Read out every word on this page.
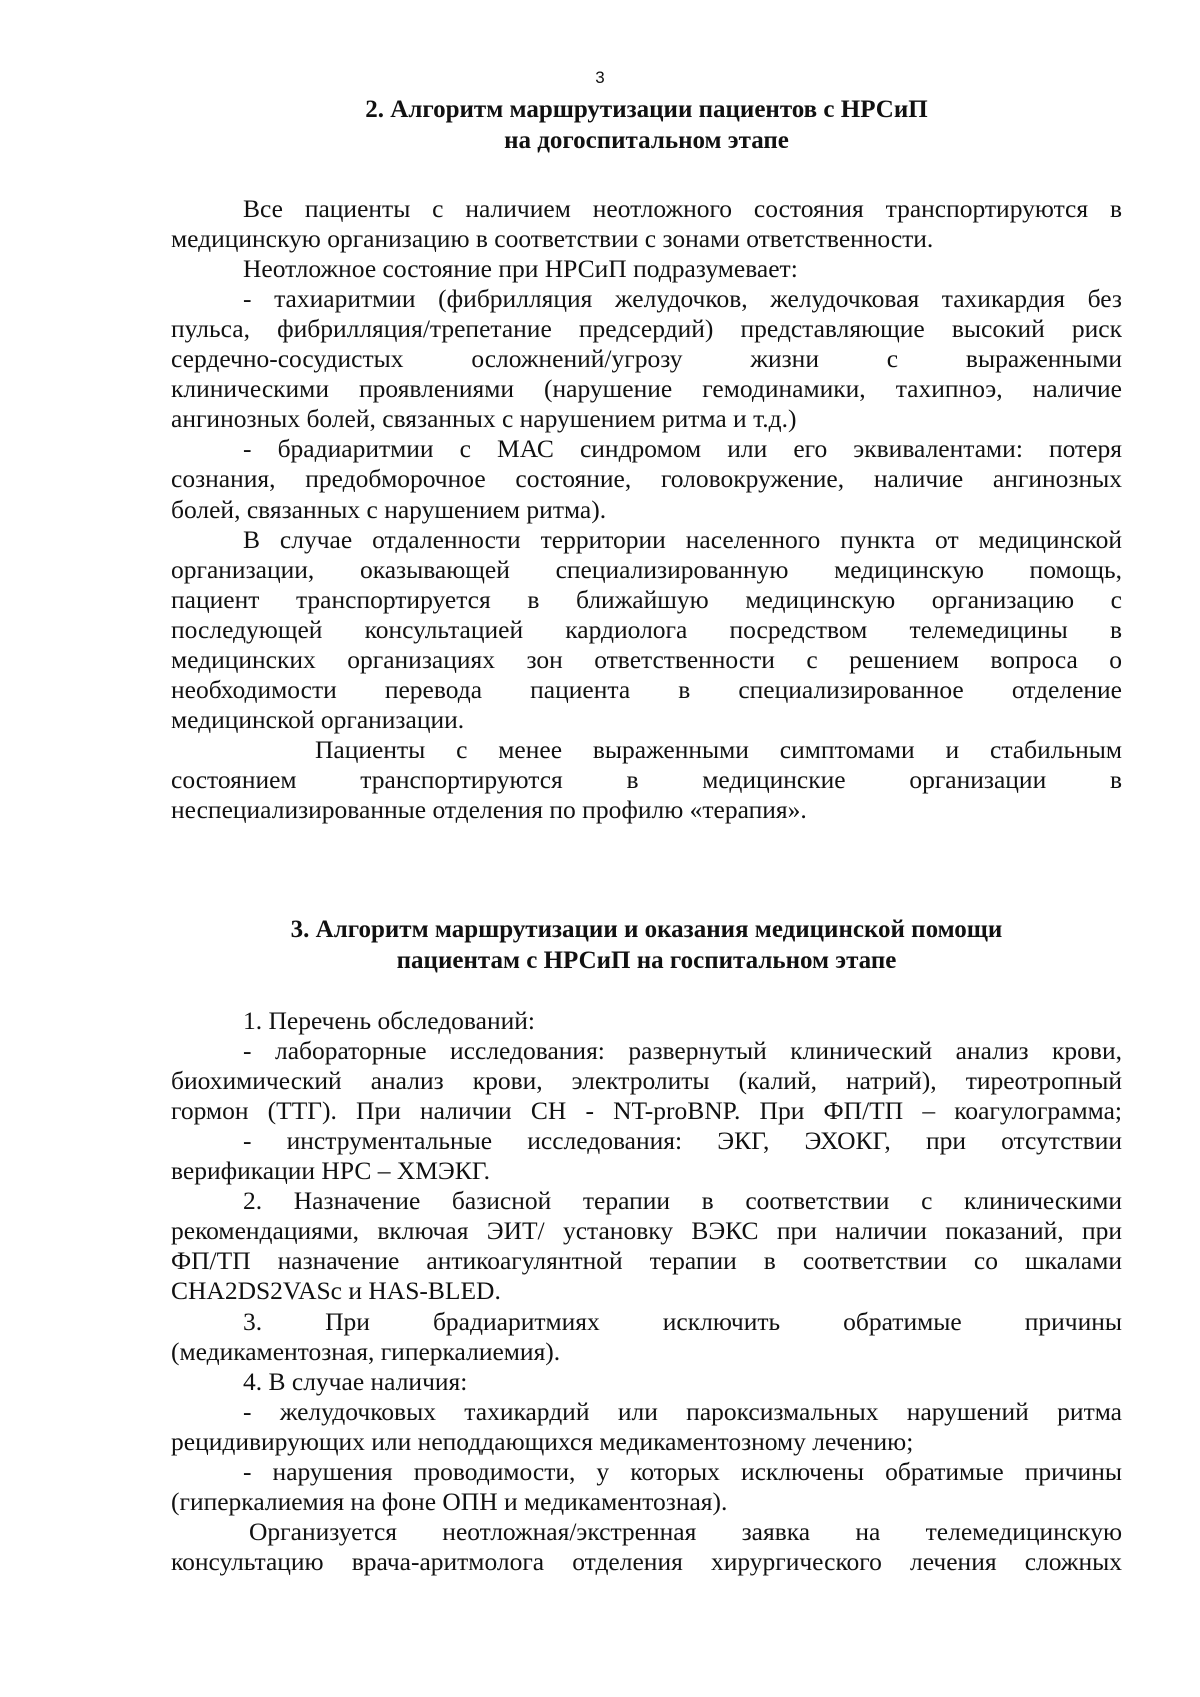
3
2. Алгоритм маршрутизации пациентов с НРСиП
на догоспитальном этапе
Все пациенты с наличием неотложного состояния транспортируются в
медицинскую организацию в соответствии с зонами ответственности.
Неотложное состояние при НРСиП подразумевает:
- тахиаритмии (фибрилляция желудочков, желудочковая тахикардия без
пульса, фибрилляция/трепетание предсердий) представляющие высокий риск
сердечно-сосудистых осложнений/угрозу жизни с выраженными
клиническими проявлениями (нарушение гемодинамики, тахипноэ, наличие
ангинозных болей, связанных с нарушением ритма и т.д.)
- брадиаритмии с МАС синдромом или его эквивалентами: потеря
сознания, предобморочное состояние, головокружение, наличие ангинозных
болей, связанных с нарушением ритма).
В случае отдаленности территории населенного пункта от медицинской
организации, оказывающей специализированную медицинскую помощь,
пациент транспортируется в ближайшую медицинскую организацию с
последующей консультацией кардиолога посредством телемедицины в
медицинских организациях зон ответственности с решением вопроса о
необходимости перевода пациента в специализированное отделение
медицинской организации.
Пациенты с менее выраженными симптомами и стабильным
состоянием транспортируются в медицинские организации в
неспециализированные отделения по профилю «терапия».
3. Алгоритм маршрутизации и оказания медицинской помощи
пациентам с НРСиП на госпитальном этапе
1. Перечень обследований:
- лабораторные исследования: развернутый клинический анализ крови,
биохимический анализ крови, электролиты (калий, натрий), тиреотропный
гормон (ТТГ). При наличии СН - NT-proBNP. При ФП/ТП – коагулограмма;
- инструментальные исследования: ЭКГ, ЭХОКГ, при отсутствии
верификации НРС – ХМЭКГ.
2. Назначение базисной терапии в соответствии с клиническими
рекомендациями, включая ЭИТ/ установку ВЭКС при наличии показаний, при
ФП/ТП назначение антикоагулянтной терапии в соответствии со шкалами
CHA2DS2VASc и HAS-BLED.
3. При брадиаритмиях исключить обратимые причины
(медикаментозная, гиперкалиемия).
4. В случае наличия:
- желудочковых тахикардий или пароксизмальных нарушений ритма
рецидивирующих или неподдающихся медикаментозному лечению;
- нарушения проводимости, у которых исключены обратимые причины
(гиперкалиемия на фоне ОПН и медикаментозная).
Организуется неотложная/экстренная заявка на телемедицинскую
консультацию врача-аритмолога отделения хирургического лечения сложных
